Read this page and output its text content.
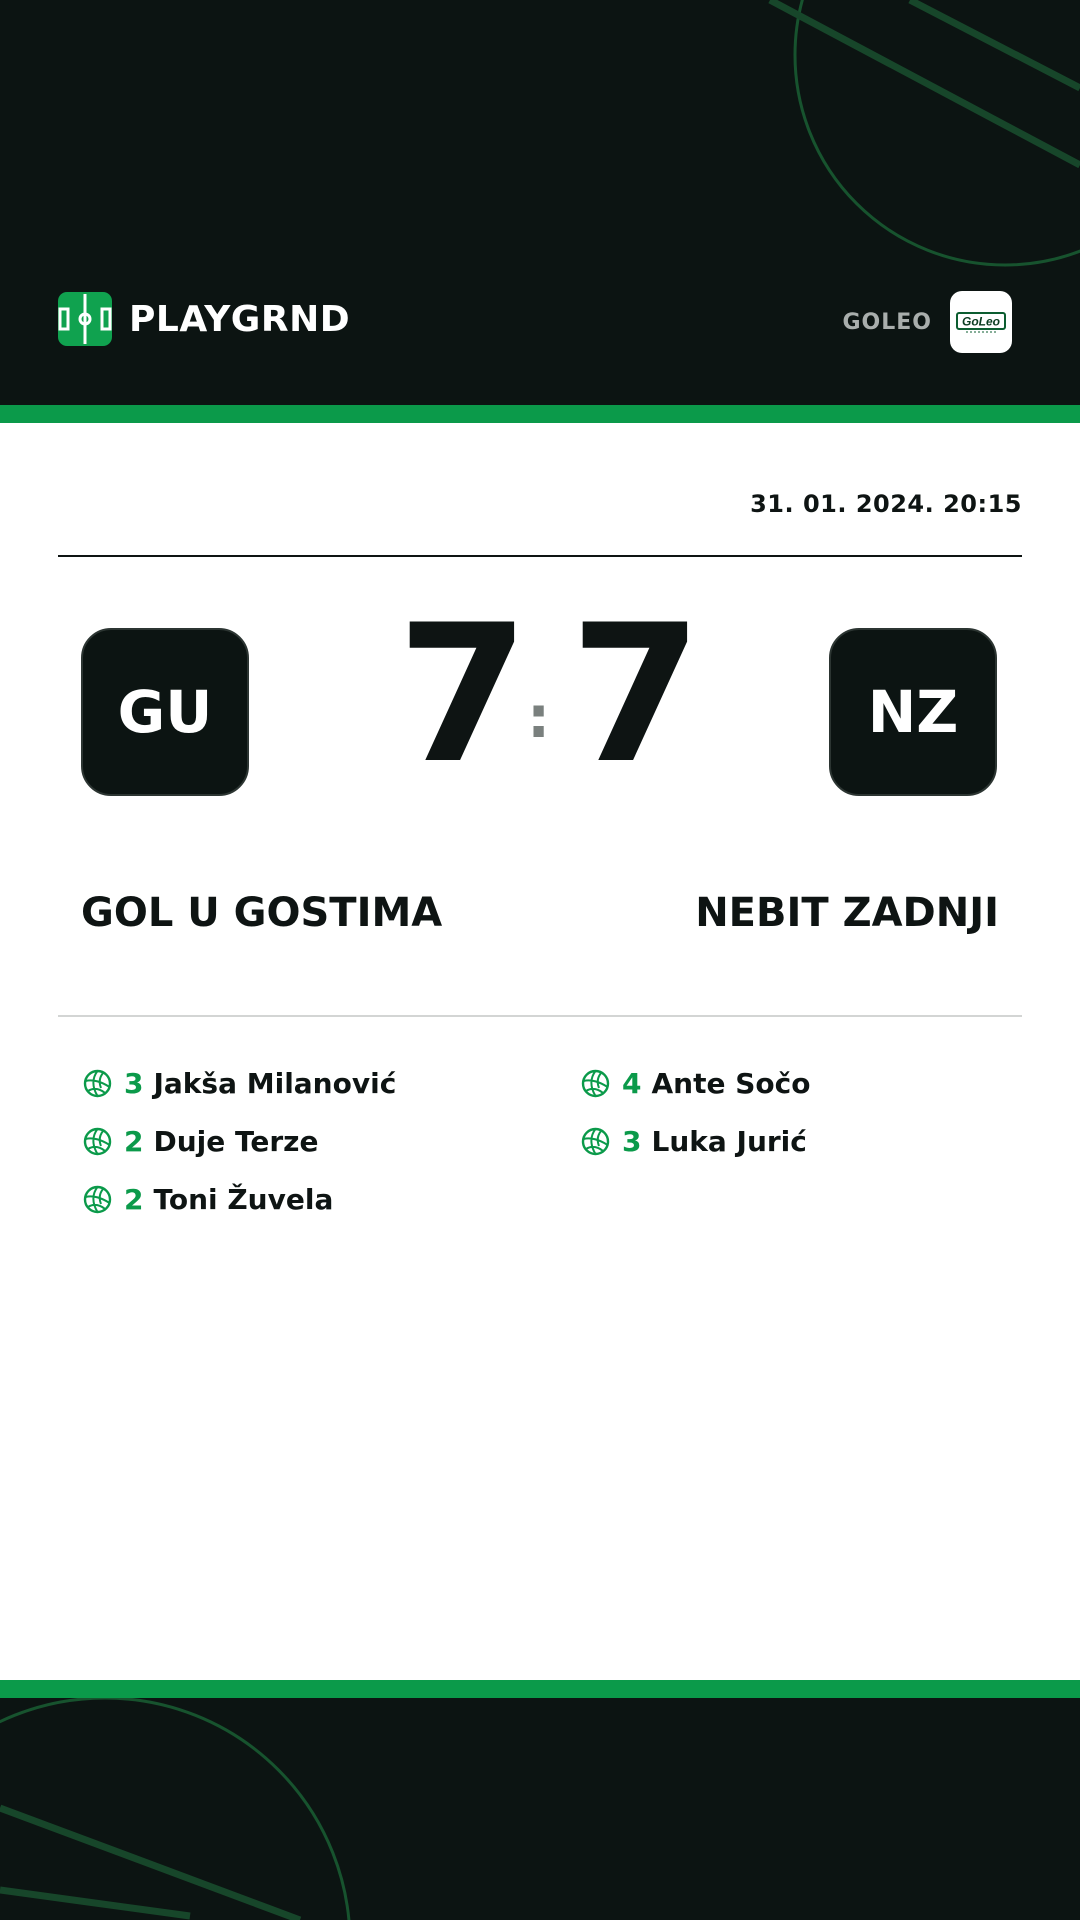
PLAYGRND	GOLEO	GoLeo
31. 01. 2024. 20:15
GU 7
: 7	NZ
GOL U GOSTIMA	NEBIT ZADNJI
3 Jakša Milanović
2 Duje Terze
2 Toni Žuvela
4 Ante Sočo
3 Luka Jurić
